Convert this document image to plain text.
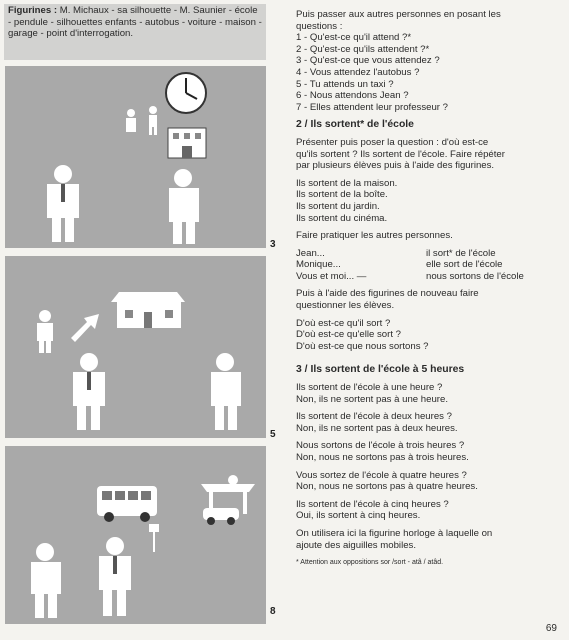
Figurines : M. Michaux - sa silhouette - M. Saunier - école - pendule - silhouettes enfants - autobus - voiture - maison - garage - point d'interrogation.
3
5
8

Puis passer aux autres personnes en posant les

questions :

1 - Qu'est-ce qu'il attend ?*
2 - Qu'est-ce qu'ils attendent ?*
3 - Qu'est-ce que vous attendez ?
4 - Vous attendez l'autobus ?
5 - Tu attends un taxi ?
6 - Nous attendons Jean ?
7 - Elles attendent leur professeur ?

2 / Ils sortent* de l'école

Présenter puis poser la question : d'où est-ce

qu'ils sortent ? Ils sortent de l'école. Faire répéter

par plusieurs élèves puis à l'aide des figurines.

Ils sortent de la maison.

Ils sortent de la boîte.

Ils sortent du jardin.

Ils sortent du cinéma.

Faire pratiquer les autres personnes.

Jean...	il sort* de l'école
Monique...	elle sort de l'école
Vous et moi... —	nous sortons de l'école

Puis à l'aide des figurines de nouveau faire

questionner les élèves.

D'où est-ce qu'il sort ?

D'où est-ce qu'elle sort ?

D'où est-ce que nous sortons ?

3 / Ils sortent de l'école à 5 heures

Ils sortent de l'école à une heure ?

Non, ils ne sortent pas à une heure.

Ils sortent de l'école à deux heures ?

Non, ils ne sortent pas à deux heures.

Nous sortons de l'école à trois heures ?

Non, nous ne sortons pas à trois heures.

Vous sortez de l'école à quatre heures ?

Non, nous ne sortons pas à quatre heures.

Ils sortent de l'école à cinq heures ?

Oui, ils sortent à cinq heures.

On utilisera ici la figurine horloge à laquelle on

ajoute des aiguilles mobiles.

* Attention aux oppositions sor /sort - atâ / atâd.

69
